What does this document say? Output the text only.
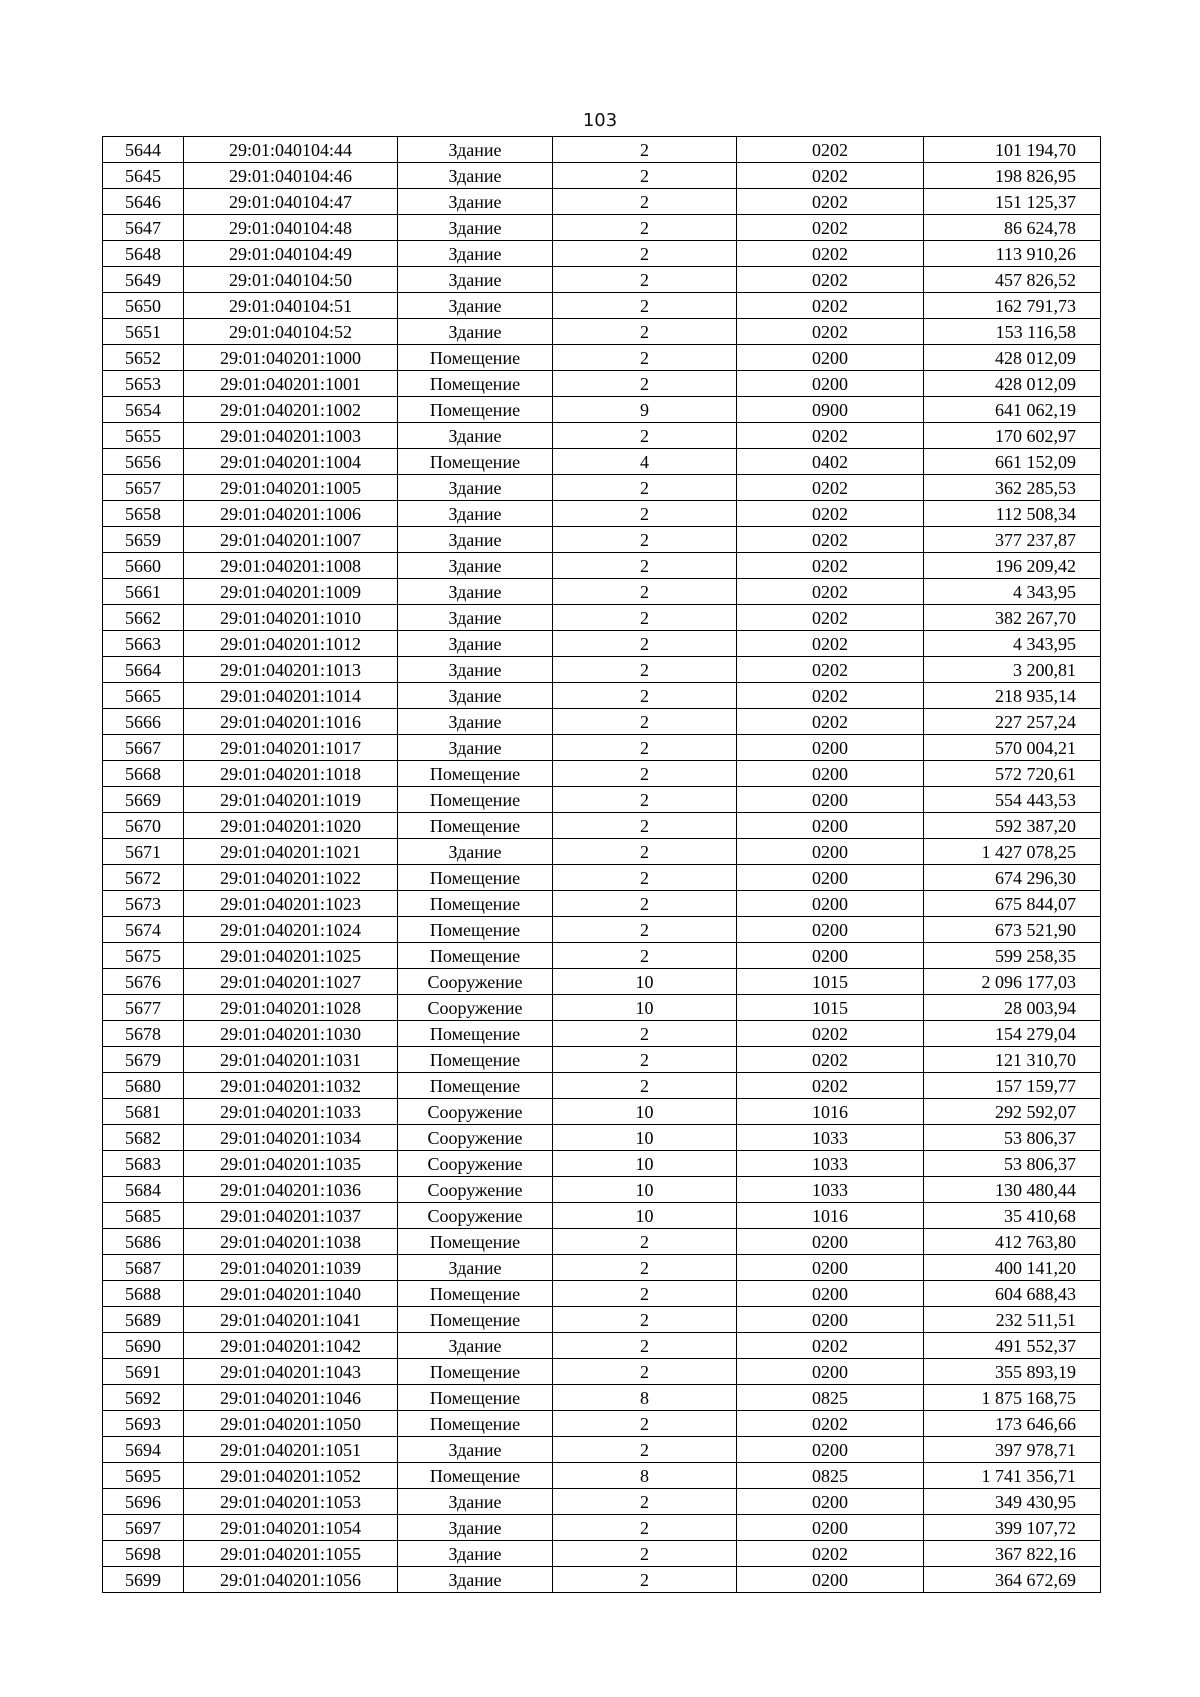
103
5644	29:01:040104:44	Здание	2	0202	101 194,70
5645	29:01:040104:46	Здание	2	0202	198 826,95
5646	29:01:040104:47	Здание	2	0202	151 125,37
5647	29:01:040104:48	Здание	2	0202	86 624,78
5648	29:01:040104:49	Здание	2	0202	113 910,26
5649	29:01:040104:50	Здание	2	0202	457 826,52
5650	29:01:040104:51	Здание	2	0202	162 791,73
5651	29:01:040104:52	Здание	2	0202	153 116,58
5652	29:01:040201:1000	Помещение	2	0200	428 012,09
5653	29:01:040201:1001	Помещение	2	0200	428 012,09
5654	29:01:040201:1002	Помещение	9	0900	641 062,19
5655	29:01:040201:1003	Здание	2	0202	170 602,97
5656	29:01:040201:1004	Помещение	4	0402	661 152,09
5657	29:01:040201:1005	Здание	2	0202	362 285,53
5658	29:01:040201:1006	Здание	2	0202	112 508,34
5659	29:01:040201:1007	Здание	2	0202	377 237,87
5660	29:01:040201:1008	Здание	2	0202	196 209,42
5661	29:01:040201:1009	Здание	2	0202	4 343,95
5662	29:01:040201:1010	Здание	2	0202	382 267,70
5663	29:01:040201:1012	Здание	2	0202	4 343,95
5664	29:01:040201:1013	Здание	2	0202	3 200,81
5665	29:01:040201:1014	Здание	2	0202	218 935,14
5666	29:01:040201:1016	Здание	2	0202	227 257,24
5667	29:01:040201:1017	Здание	2	0200	570 004,21
5668	29:01:040201:1018	Помещение	2	0200	572 720,61
5669	29:01:040201:1019	Помещение	2	0200	554 443,53
5670	29:01:040201:1020	Помещение	2	0200	592 387,20
5671	29:01:040201:1021	Здание	2	0200	1 427 078,25
5672	29:01:040201:1022	Помещение	2	0200	674 296,30
5673	29:01:040201:1023	Помещение	2	0200	675 844,07
5674	29:01:040201:1024	Помещение	2	0200	673 521,90
5675	29:01:040201:1025	Помещение	2	0200	599 258,35
5676	29:01:040201:1027	Сооружение	10	1015	2 096 177,03
5677	29:01:040201:1028	Сооружение	10	1015	28 003,94
5678	29:01:040201:1030	Помещение	2	0202	154 279,04
5679	29:01:040201:1031	Помещение	2	0202	121 310,70
5680	29:01:040201:1032	Помещение	2	0202	157 159,77
5681	29:01:040201:1033	Сооружение	10	1016	292 592,07
5682	29:01:040201:1034	Сооружение	10	1033	53 806,37
5683	29:01:040201:1035	Сооружение	10	1033	53 806,37
5684	29:01:040201:1036	Сооружение	10	1033	130 480,44
5685	29:01:040201:1037	Сооружение	10	1016	35 410,68
5686	29:01:040201:1038	Помещение	2	0200	412 763,80
5687	29:01:040201:1039	Здание	2	0200	400 141,20
5688	29:01:040201:1040	Помещение	2	0200	604 688,43
5689	29:01:040201:1041	Помещение	2	0200	232 511,51
5690	29:01:040201:1042	Здание	2	0202	491 552,37
5691	29:01:040201:1043	Помещение	2	0200	355 893,19
5692	29:01:040201:1046	Помещение	8	0825	1 875 168,75
5693	29:01:040201:1050	Помещение	2	0202	173 646,66
5694	29:01:040201:1051	Здание	2	0200	397 978,71
5695	29:01:040201:1052	Помещение	8	0825	1 741 356,71
5696	29:01:040201:1053	Здание	2	0200	349 430,95
5697	29:01:040201:1054	Здание	2	0200	399 107,72
5698	29:01:040201:1055	Здание	2	0202	367 822,16
5699	29:01:040201:1056	Здание	2	0200	364 672,69
